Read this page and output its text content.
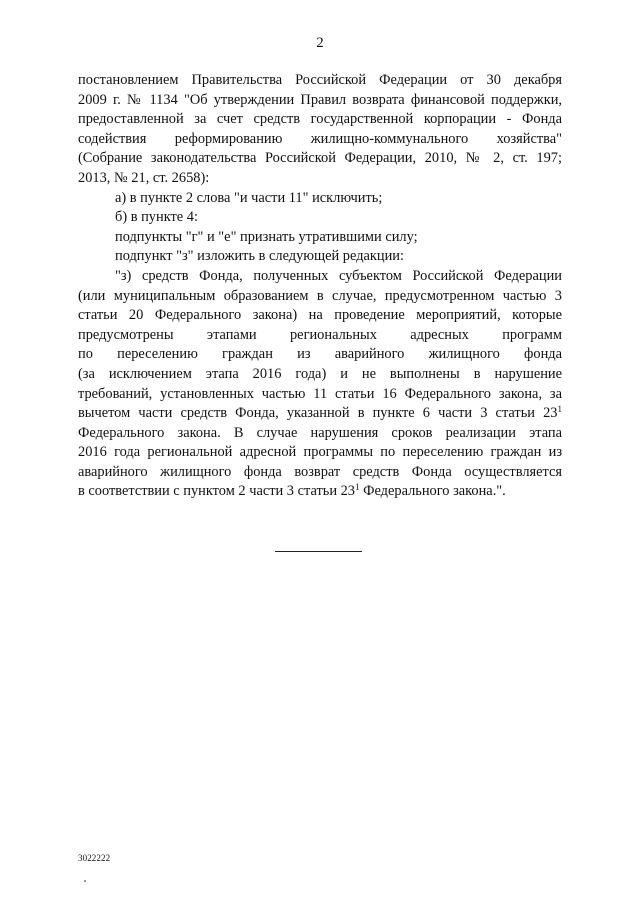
2
постановлением Правительства Российской Федерации от 30 декабря
2009 г. № 1134 "Об утверждении Правил возврата финансовой поддержки,
предоставленной за счет средств государственной корпорации - Фонда
содействия реформированию жилищно-коммунального хозяйства"
(Собрание законодательства Российской Федерации, 2010, № 2, ст. 197;
2013, № 21, ст. 2658):
а) в пункте 2 слова "и части 11" исключить;
б) в пункте 4:
подпункты "г" и "е" признать утратившими силу;
подпункт "з" изложить в следующей редакции:
"з) средств Фонда, полученных субъектом Российской Федерации
(или муниципальным образованием в случае, предусмотренном частью 3
статьи 20 Федерального закона) на проведение мероприятий, которые
предусмотрены этапами региональных адресных программ
по переселению граждан из аварийного жилищного фонда
(за исключением этапа 2016 года) и не выполнены в нарушение
требований, установленных частью 11 статьи 16 Федерального закона, за
вычетом части средств Фонда, указанной в пункте 6 части 3 статьи $23^1$
Федерального закона. В случае нарушения сроков реализации этапа
2016 года региональной адресной программы по переселению граждан из
аварийного жилищного фонда возврат средств Фонда осуществляется
в соответствии с пунктом 2 части 3 статьи $23^1$ Федерального закона.".
3022222
